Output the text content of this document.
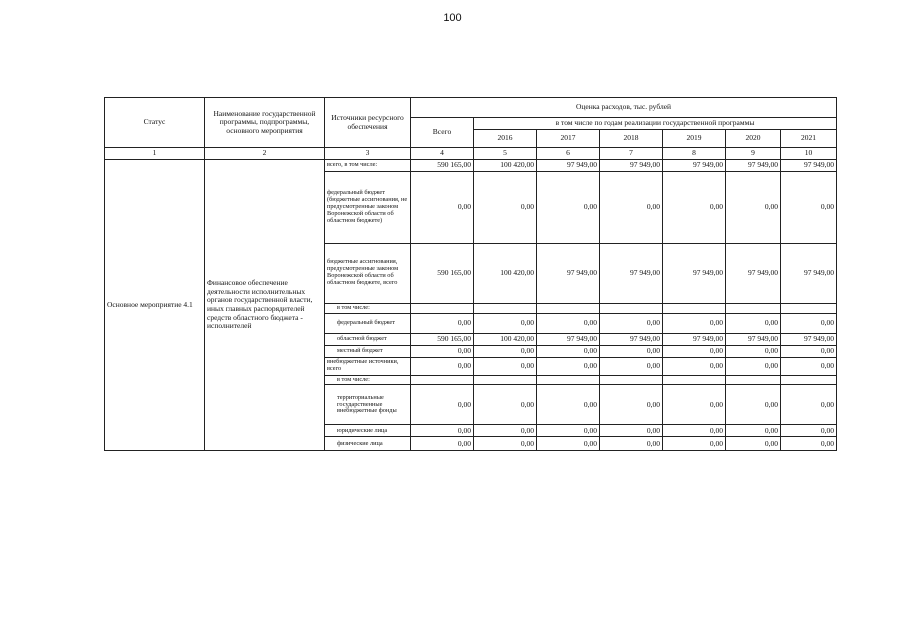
100
Статус	Наименование государственной программы, подпрограммы, основного мероприятия	Источники ресурсного обеспечения	Оценка расходов, тыс. рублей						
			Всего	в том числе по годам реализации государственной программы					
				2016	2017	2018	2019	2020	2021
1	2	3	4	5	6	7	8	9	10
Основное мероприятие 4.1	Финансовое обеспечение деятельности исполнительных органов государственной власти, иных главных распорядителей средств областного бюджета - исполнителей	всего, в том числе:	590 165,00	100 420,00	97 949,00	97 949,00	97 949,00	97 949,00	97 949,00
		федеральный бюджет (бюджетные ассигнования, не предусмотренные законом Воронежской области об областном бюджете)	0,00	0,00	0,00	0,00	0,00	0,00	0,00
		бюджетные ассигнования, предусмотренные законом Воронежской области об областном бюджете, всего	590 165,00	100 420,00	97 949,00	97 949,00	97 949,00	97 949,00	97 949,00
		в том числе:							
		федеральный бюджет	0,00	0,00	0,00	0,00	0,00	0,00	0,00
		областной бюджет	590 165,00	100 420,00	97 949,00	97 949,00	97 949,00	97 949,00	97 949,00
		местный бюджет	0,00	0,00	0,00	0,00	0,00	0,00	0,00
		внебюджетные источники, всего	0,00	0,00	0,00	0,00	0,00	0,00	0,00
		в том числе:							
		территориальные государственные внебюджетные фонды	0,00	0,00	0,00	0,00	0,00	0,00	0,00
		юридические лица	0,00	0,00	0,00	0,00	0,00	0,00	0,00
		физические лица	0,00	0,00	0,00	0,00	0,00	0,00	0,00
